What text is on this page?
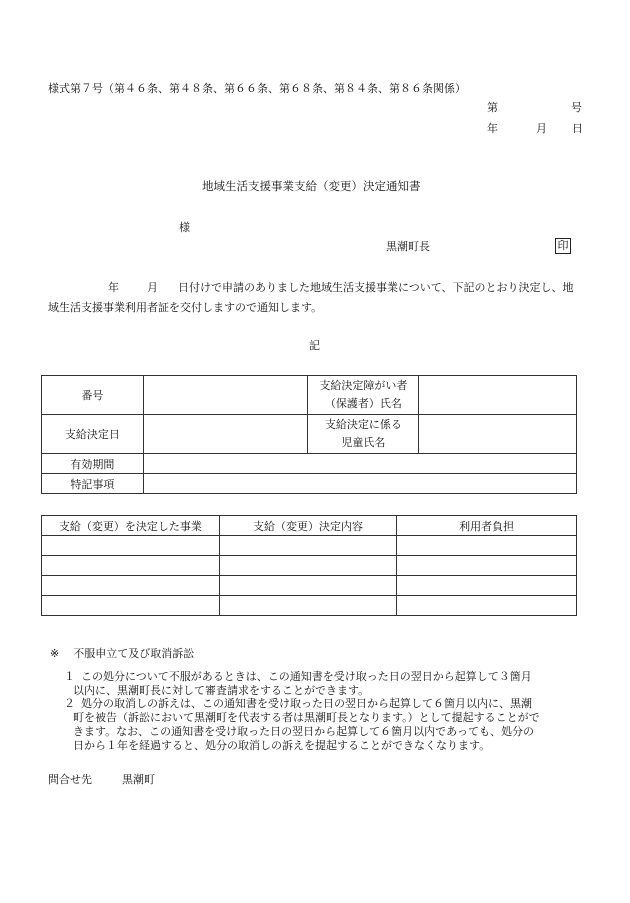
様式第７号（第４６条、第４８条、第６６条、第６８条、第８４条、第８６条関係）
第	号
年	月 日
地域生活支援事業支給（変更）決定通知書
様
黒潮町長	印
年	月 日付けで申請のありました地域生活支援事業について、下記のとおり決定し、地域生活支援事業利用者証を交付しますので通知します。
記
番号		支給決定障がい者
（保護者）氏名	
支給決定日		支給決定に係る
児童氏名	
有効期間			
特記事項			
支給（変更）を決定した事業	支給（変更）決定内容	利用者負担

※ 不服申立て及び取消訴訟
１ この処分について不服があるときは、この通知書を受け取った日の翌日から起算して３箇月
以内に、黒潮町長に対して審査請求をすることができます。
２ 処分の取消しの訴えは、この通知書を受け取った日の翌日から起算して６箇月以内に、黒潮
町を被告（訴訟において黒潮町を代表する者は黒潮町長となります。）として提起することがで
きます。なお、この通知書を受け取った日の翌日から起算して６箇月以内であっても、処分の
日から１年を経過すると、処分の取消しの訴えを提起することができなくなります。
問合せ先	黒潮町
